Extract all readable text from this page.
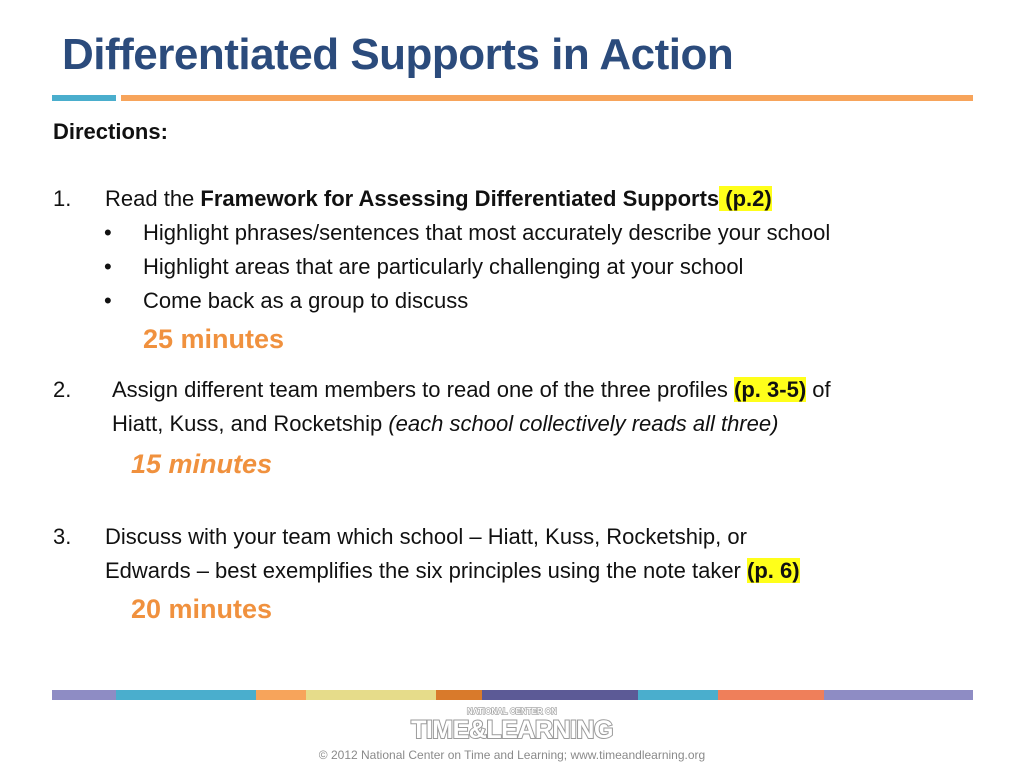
Differentiated Supports in Action
Directions:
1. Read the Framework for Assessing Differentiated Supports (p.2)
• Highlight phrases/sentences that most accurately describe your school
• Highlight areas that are particularly challenging at your school
• Come back as a group to discuss
25 minutes
2. Assign different team members to read one of the three profiles (p. 3-5) of
Hiatt, Kuss, and Rocketship (each school collectively reads all three)
15 minutes
3. Discuss with your team which school – Hiatt, Kuss, Rocketship, or
Edwards – best exemplifies the six principles using the note taker (p. 6)
20 minutes
NATIONAL CENTER ON
TIME&LEARNING
© 2012 National Center on Time and Learning; www.timeandlearning.org
